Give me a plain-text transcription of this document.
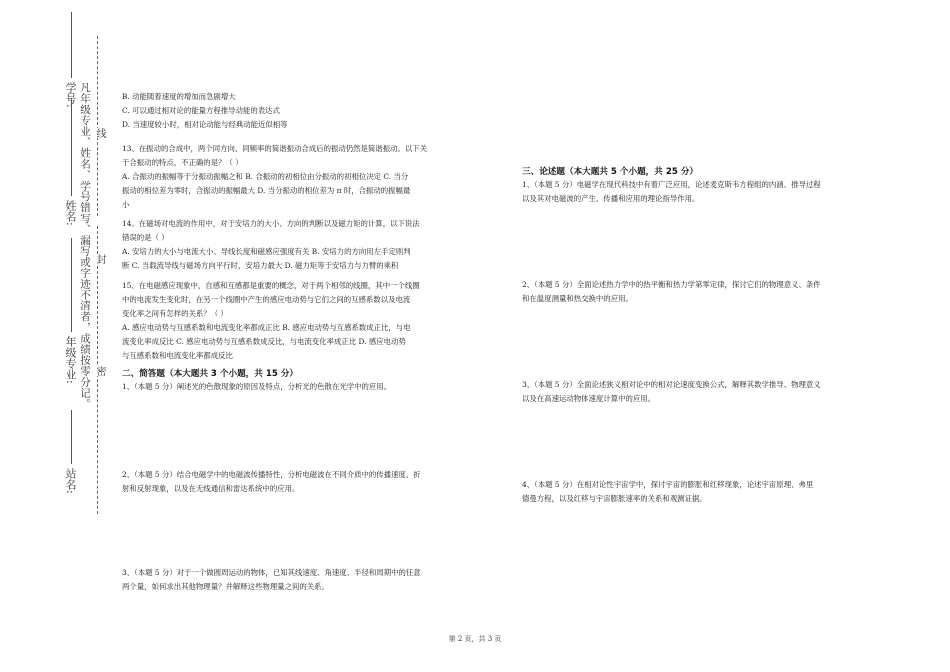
学号:
姓名:
年级专业:
站名:
凡年级专业、姓名、学号错写、漏写或字迹不清者，成绩按零分记。 线
封
密

B. 动能随着速度的增加而急剧增大

C. 可以通过相对论的能量方程推导动能的表达式

D. 当速度较小时，相对论动能与经典动能近似相等

13、在振动的合成中，两个同方向、同频率的简谐振动合成后的振动仍然是简谐振动。以下关

于合振动的特点，不正确的是？（ ）

A. 合振动的振幅等于分振动振幅之和 B. 合振动的初相位由分振动的初相位决定 C. 当分

振动的相位差为零时，合振动的振幅最大 D. 当分振动的相位差为 π 时，合振动的振幅最

小

14、在磁场对电流的作用中，对于安培力的大小、方向的判断以及磁力矩的计算，以下说法

错误的是（ ）

A. 安培力的大小与电流大小、导线长度和磁感应强度有关 B. 安培力的方向用左手定则判

断 C. 当载流导线与磁场方向平行时，安培力最大 D. 磁力矩等于安培力与力臂的乘积

15、在电磁感应现象中，自感和互感都是重要的概念，对于两个相邻的线圈，其中一个线圈

中的电流发生变化时，在另一个线圈中产生的感应电动势与它们之间的互感系数以及电流

变化率之间有怎样的关系？（ ）

A. 感应电动势与互感系数和电流变化率都成正比 B. 感应电动势与互感系数成正比，与电

流变化率成反比 C. 感应电动势与互感系数成反比，与电流变化率成正比 D. 感应电动势

与互感系数和电流变化率都成反比

二、简答题（本大题共 3 个小题，共 15 分）

1、（本题 5 分）阐述光的色散现象的原因及特点，分析光的色散在光学中的应用。

2、（本题 5 分）结合电磁学中的电磁波传播特性，分析电磁波在不同介质中的传播速度、折

射和反射现象，以及在无线通信和雷达系统中的应用。

3、（本题 5 分）对于一个做圆周运动的物体，已知其线速度、角速度、半径和周期中的任意

两个量，如何求出其他物理量？并解释这些物理量之间的关系。

三、论述题（本大题共 5 个小题，共 25 分）

1、（本题 5 分）电磁学在现代科技中有着广泛应用，论述麦克斯韦方程组的内涵、推导过程

以及其对电磁波的产生、传播和应用的理论指导作用。

2、（本题 5 分）全面论述热力学中的热平衡和热力学第零定律，探讨它们的物理意义、条件

和在温度测量和热交换中的应用。

3、（本题 5 分）全面论述狭义相对论中的相对论速度变换公式，解释其数学推导、物理意义

以及在高速运动物体速度计算中的应用。

4、（本题 5 分）在相对论性宇宙学中，探讨宇宙的膨胀和红移现象，论述宇宙原理、弗里

德曼方程，以及红移与宇宙膨胀速率的关系和观测证据。

第 2 页，共 3 页
